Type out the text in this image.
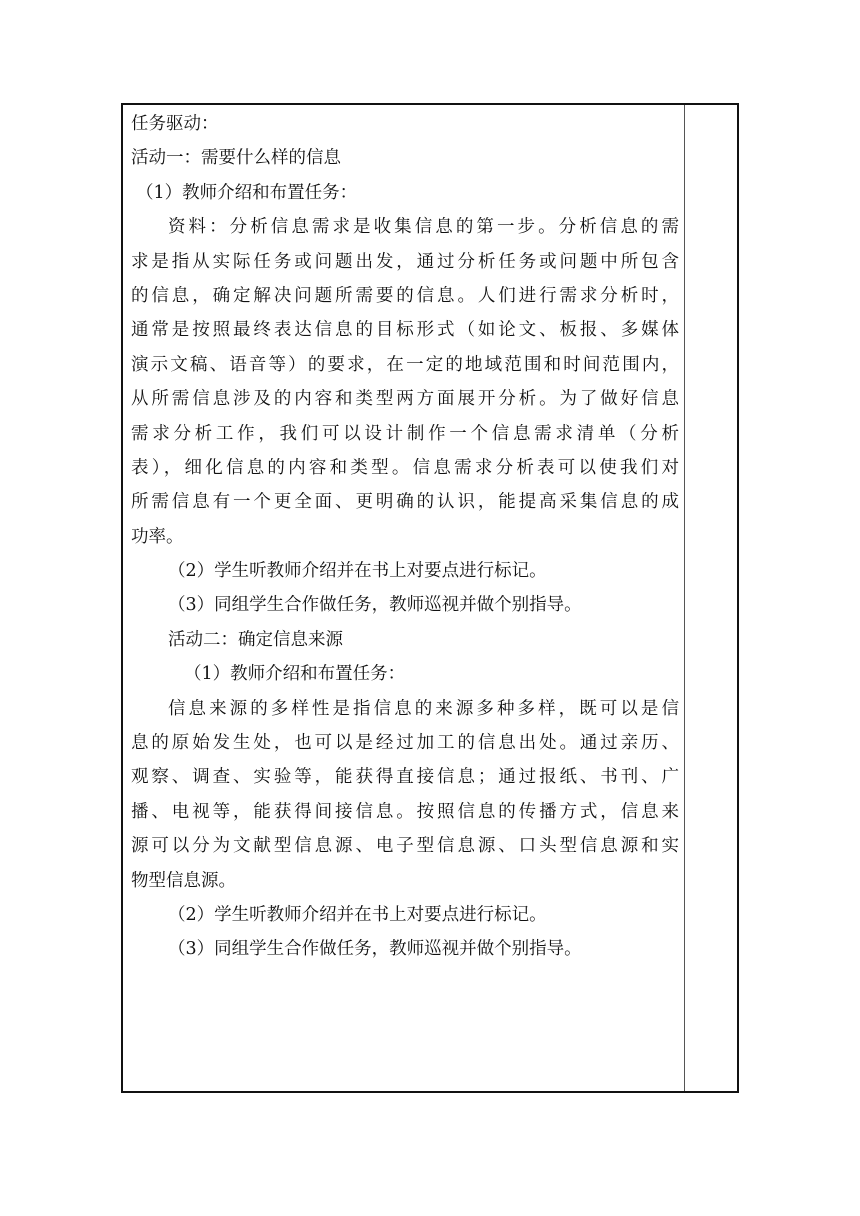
任务驱动：
活动一：需要什么样的信息
（1）教师介绍和布置任务：
资料：分析信息需求是收集信息的第一步。分析信息的需
求是指从实际任务或问题出发，通过分析任务或问题中所包含
的信息，确定解决问题所需要的信息。人们进行需求分析时，
通常是按照最终表达信息的目标形式（如论文、板报、多媒体
演示文稿、语音等）的要求，在一定的地域范围和时间范围内，
从所需信息涉及的内容和类型两方面展开分析。为了做好信息
需求分析工作，我们可以设计制作一个信息需求清单（分析
表），细化信息的内容和类型。信息需求分析表可以使我们对
所需信息有一个更全面、更明确的认识，能提高采集信息的成
功率。
（2）学生听教师介绍并在书上对要点进行标记。
（3）同组学生合作做任务，教师巡视并做个别指导。
活动二：确定信息来源
（1）教师介绍和布置任务：
信息来源的多样性是指信息的来源多种多样，既可以是信
息的原始发生处，也可以是经过加工的信息出处。通过亲历、
观察、调查、实验等，能获得直接信息；通过报纸、书刊、广
播、电视等，能获得间接信息。按照信息的传播方式，信息来
源可以分为文献型信息源、电子型信息源、口头型信息源和实
物型信息源。
（2）学生听教师介绍并在书上对要点进行标记。
（3）同组学生合作做任务，教师巡视并做个别指导。
